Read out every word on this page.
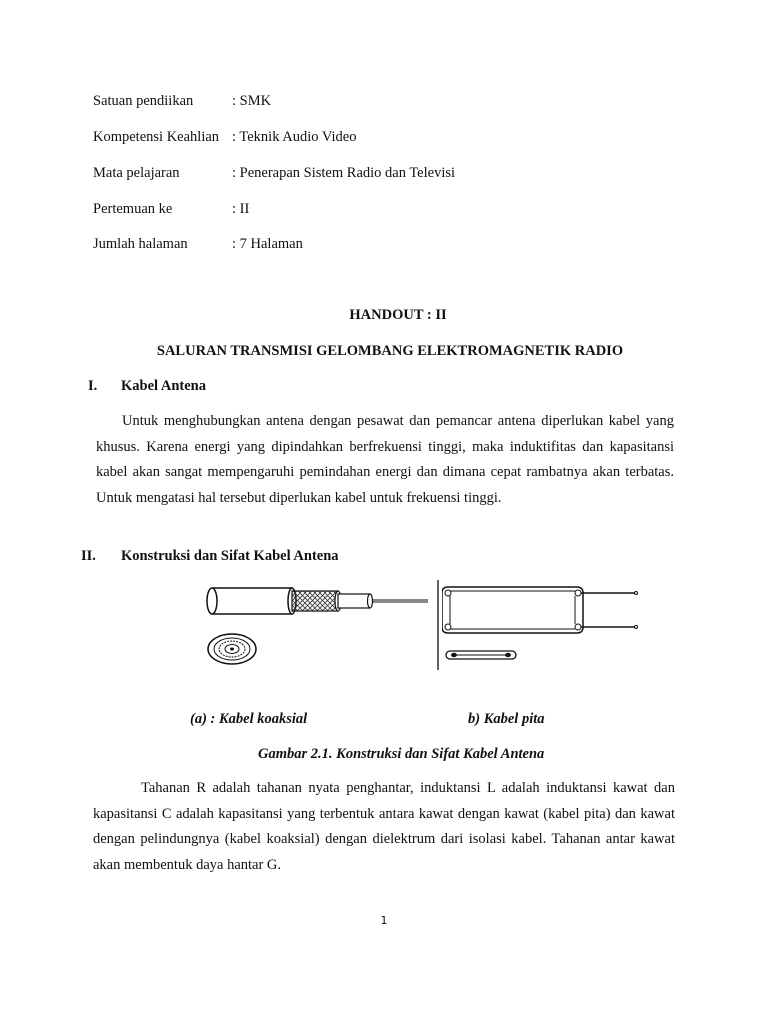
Satuan pendiikan	: SMK
Kompetensi Keahlian : Teknik Audio Video
Mata pelajaran	: Penerapan Sistem Radio dan Televisi
Pertemuan ke	: II
Jumlah halaman	: 7 Halaman
HANDOUT : II
SALURAN TRANSMISI GELOMBANG ELEKTROMAGNETIK RADIO
I. Kabel Antena

Untuk menghubungkan antena dengan pesawat dan pemancar antena diperlukan kabel yang khusus. Karena energi yang dipindahkan berfrekuensi tinggi, maka induktifitas dan kapasitansi kabel akan sangat mempengaruhi pemindahan energi dan dimana cepat rambatnya akan terbatas. Untuk mengatasi hal tersebut diperlukan kabel untuk frekuensi tinggi.

II. Konstruksi dan Sifat Kabel Antena
(a) : Kabel koaksial	b) Kabel pita
Gambar 2.1. Konstruksi dan Sifat Kabel Antena

Tahanan R adalah tahanan nyata penghantar, induktansi L adalah induktansi kawat dan kapasitansi C adalah kapasitansi yang terbentuk antara kawat dengan kawat (kabel pita) dan kawat dengan pelindungnya (kabel koaksial) dengan dielektrum dari isolasi kabel. Tahanan antar kawat akan membentuk daya hantar G.

1
